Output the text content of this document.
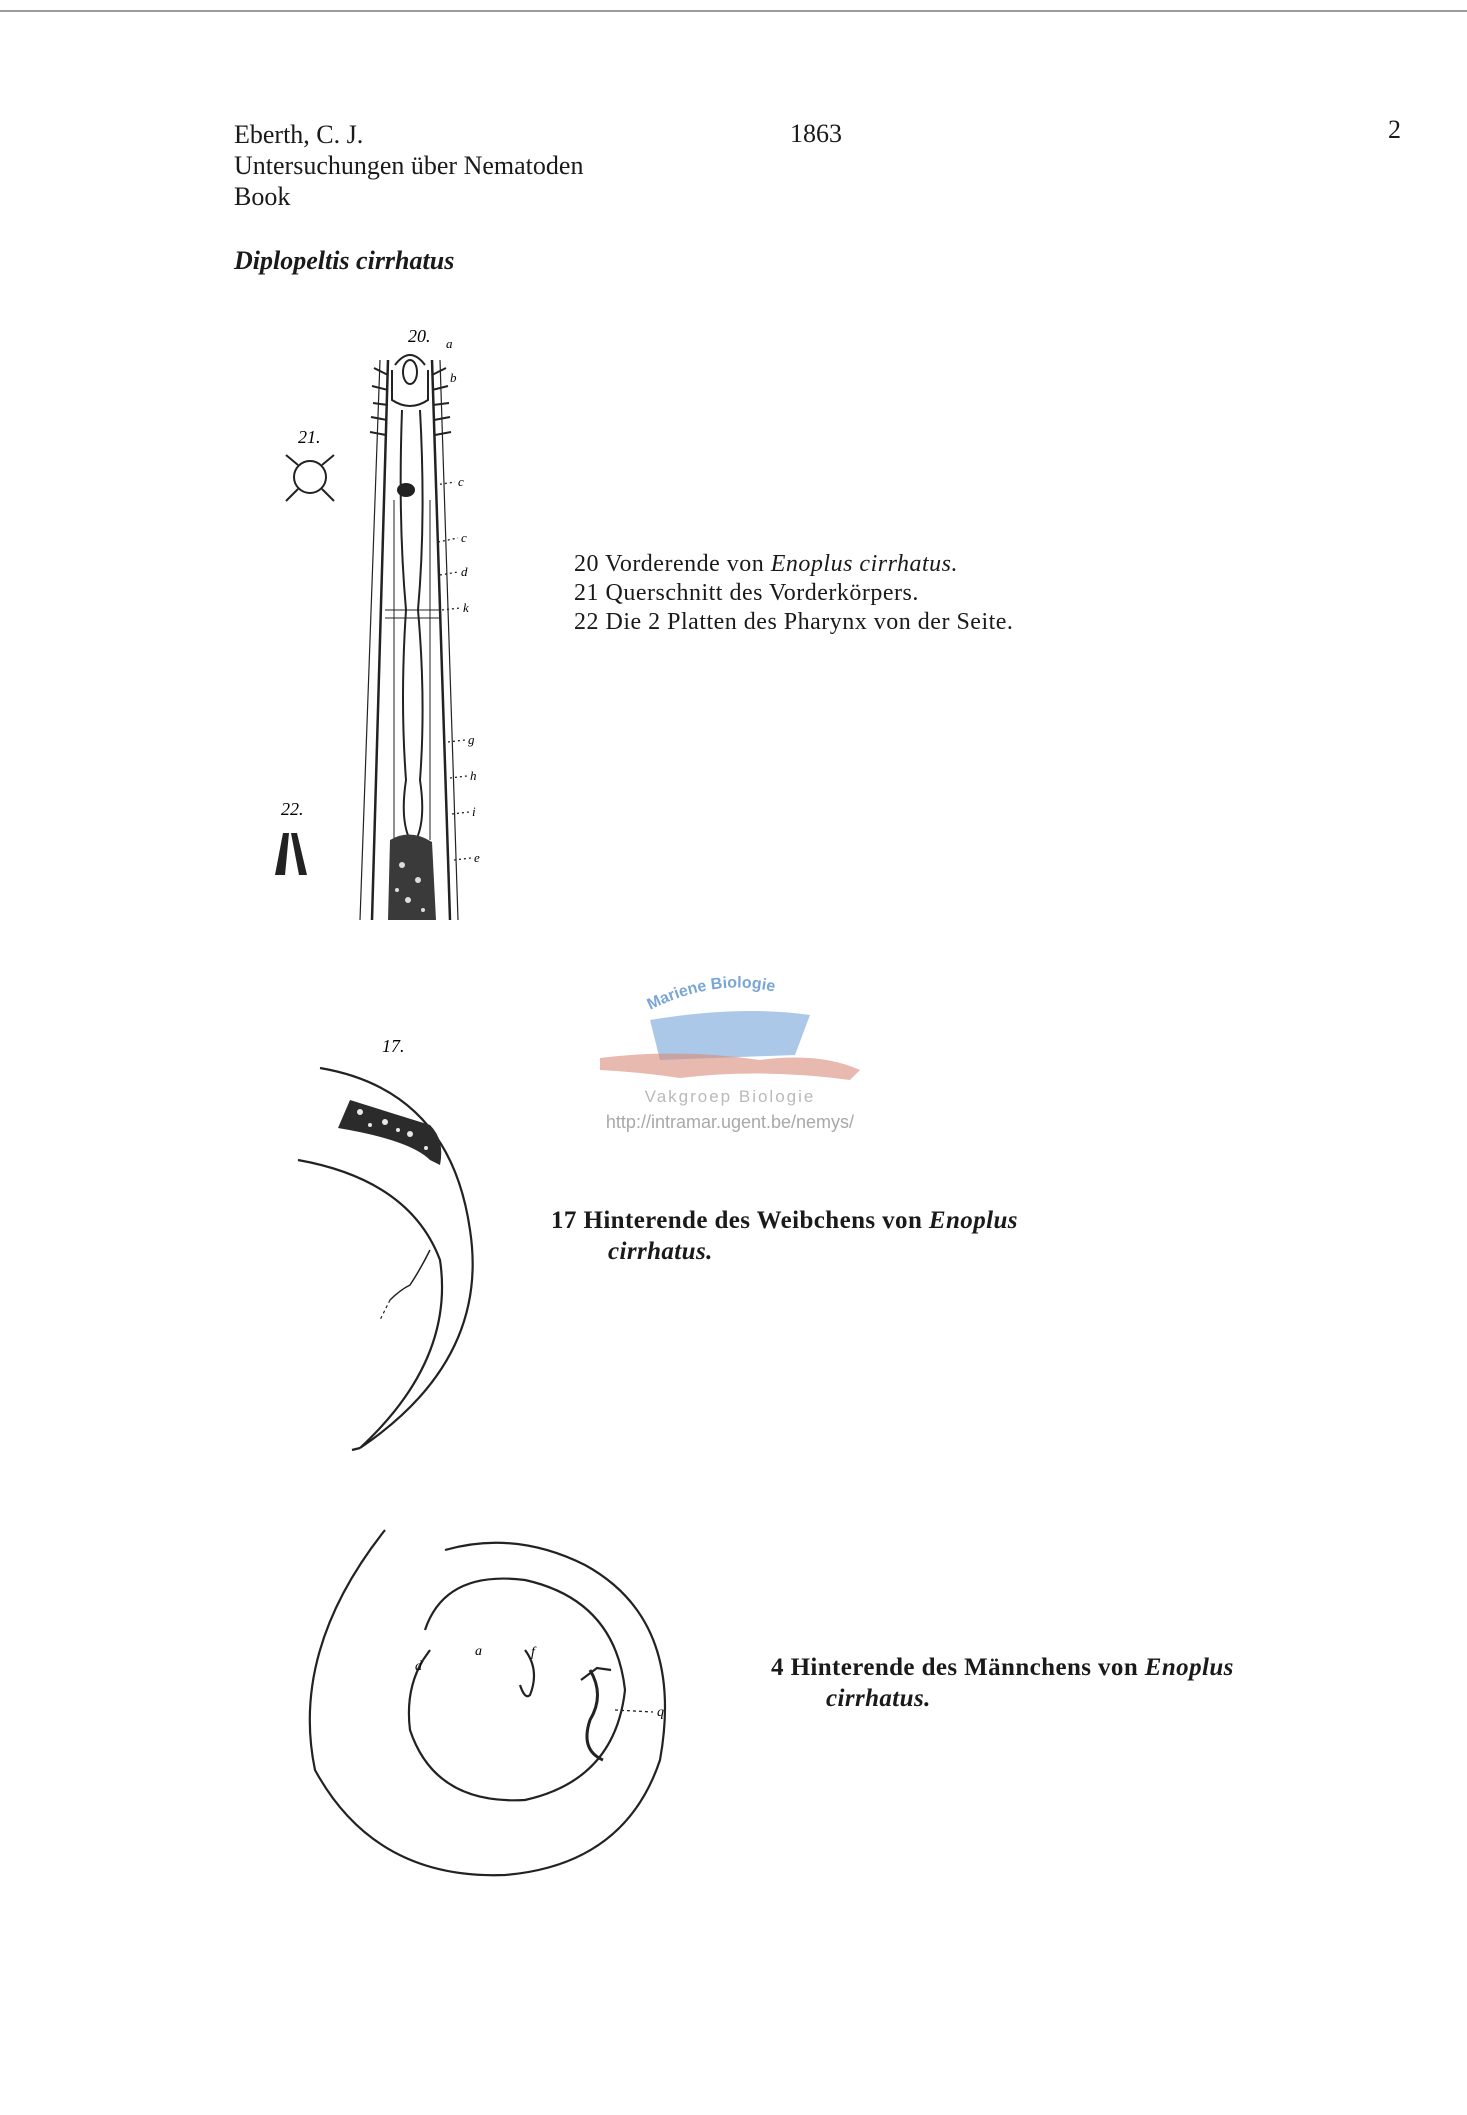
Eberth, C. J.
Untersuchungen über Nematoden
Book
1863	2
Diplopeltis cirrhatus
20. a
b
c
c
d
k
g
h
i
e
21.
22.
20 Vorderende von Enoplus cirrhatus.
21 Querschnitt des Vorderkörpers.
22 Die 2 Platten des Pharynx von der Seite.
Mariene Biologie
Vakgroep Biologie
http://intramar.ugent.be/nemys/
17.
17 Hinterende des Weibchens von Enoplus
cirrhatus.
d
a	f
q
4 Hinterende des Männchens von Enoplus
cirrhatus.
